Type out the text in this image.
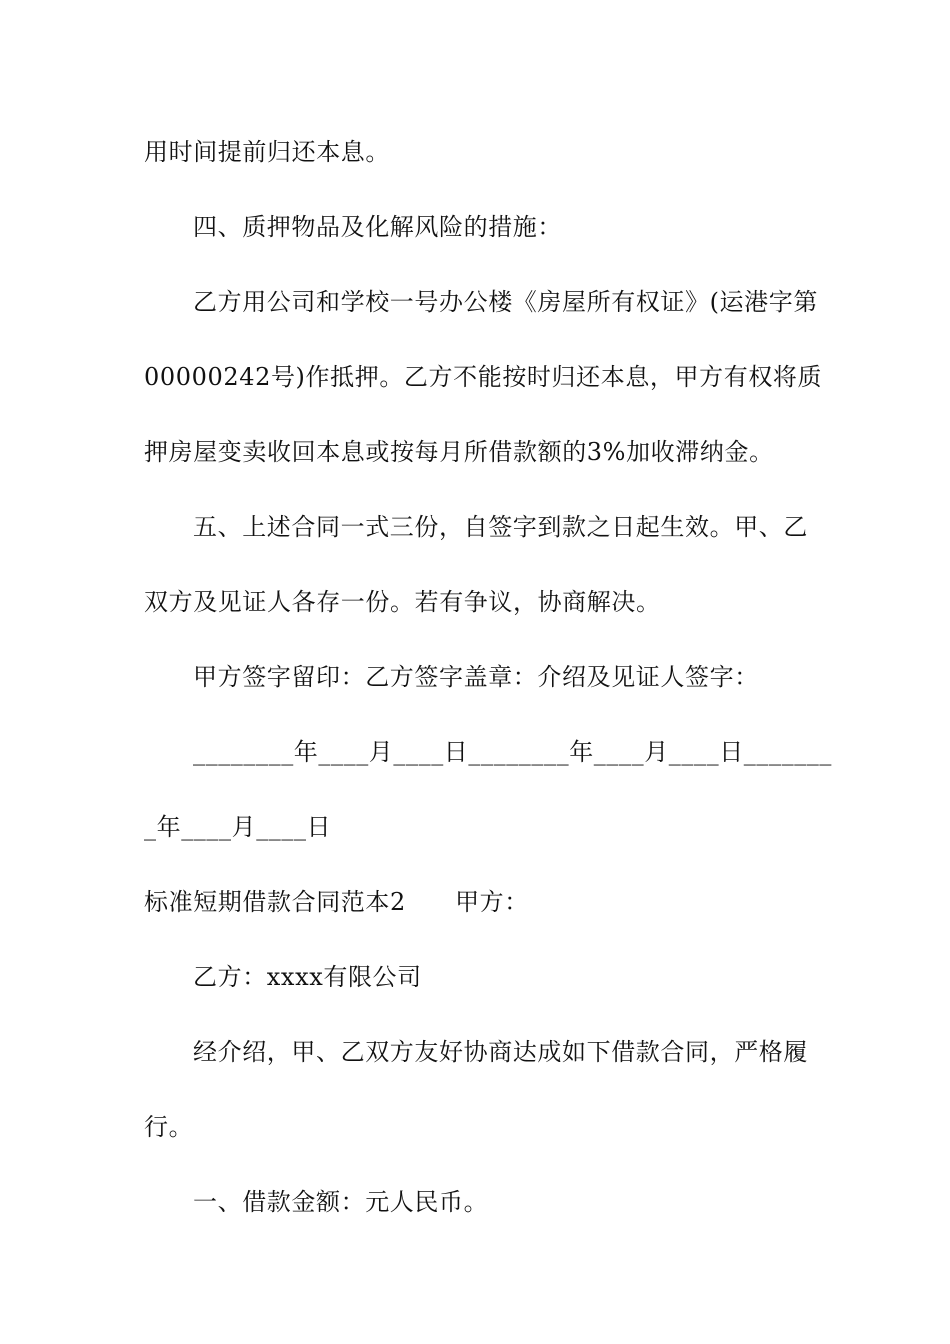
用时间提前归还本息。
四、质押物品及化解风险的措施：
乙方用公司和学校一号办公楼《房屋所有权证》(运港字第
00000242号)作抵押。乙方不能按时归还本息，甲方有权将质
押房屋变卖收回本息或按每月所借款额的3%加收滞纳金。
五、上述合同一式三份，自签字到款之日起生效。甲、乙
双方及见证人各存一份。若有争议，协商解决。
甲方签字留印：乙方签字盖章：介绍及见证人签字：
________年____月____日________年____月____日_______
_年____月____日
标准短期借款合同范本2　　甲方：
乙方：xxxx有限公司
经介绍，甲、乙双方友好协商达成如下借款合同，严格履
行。
一、借款金额：元人民币。
